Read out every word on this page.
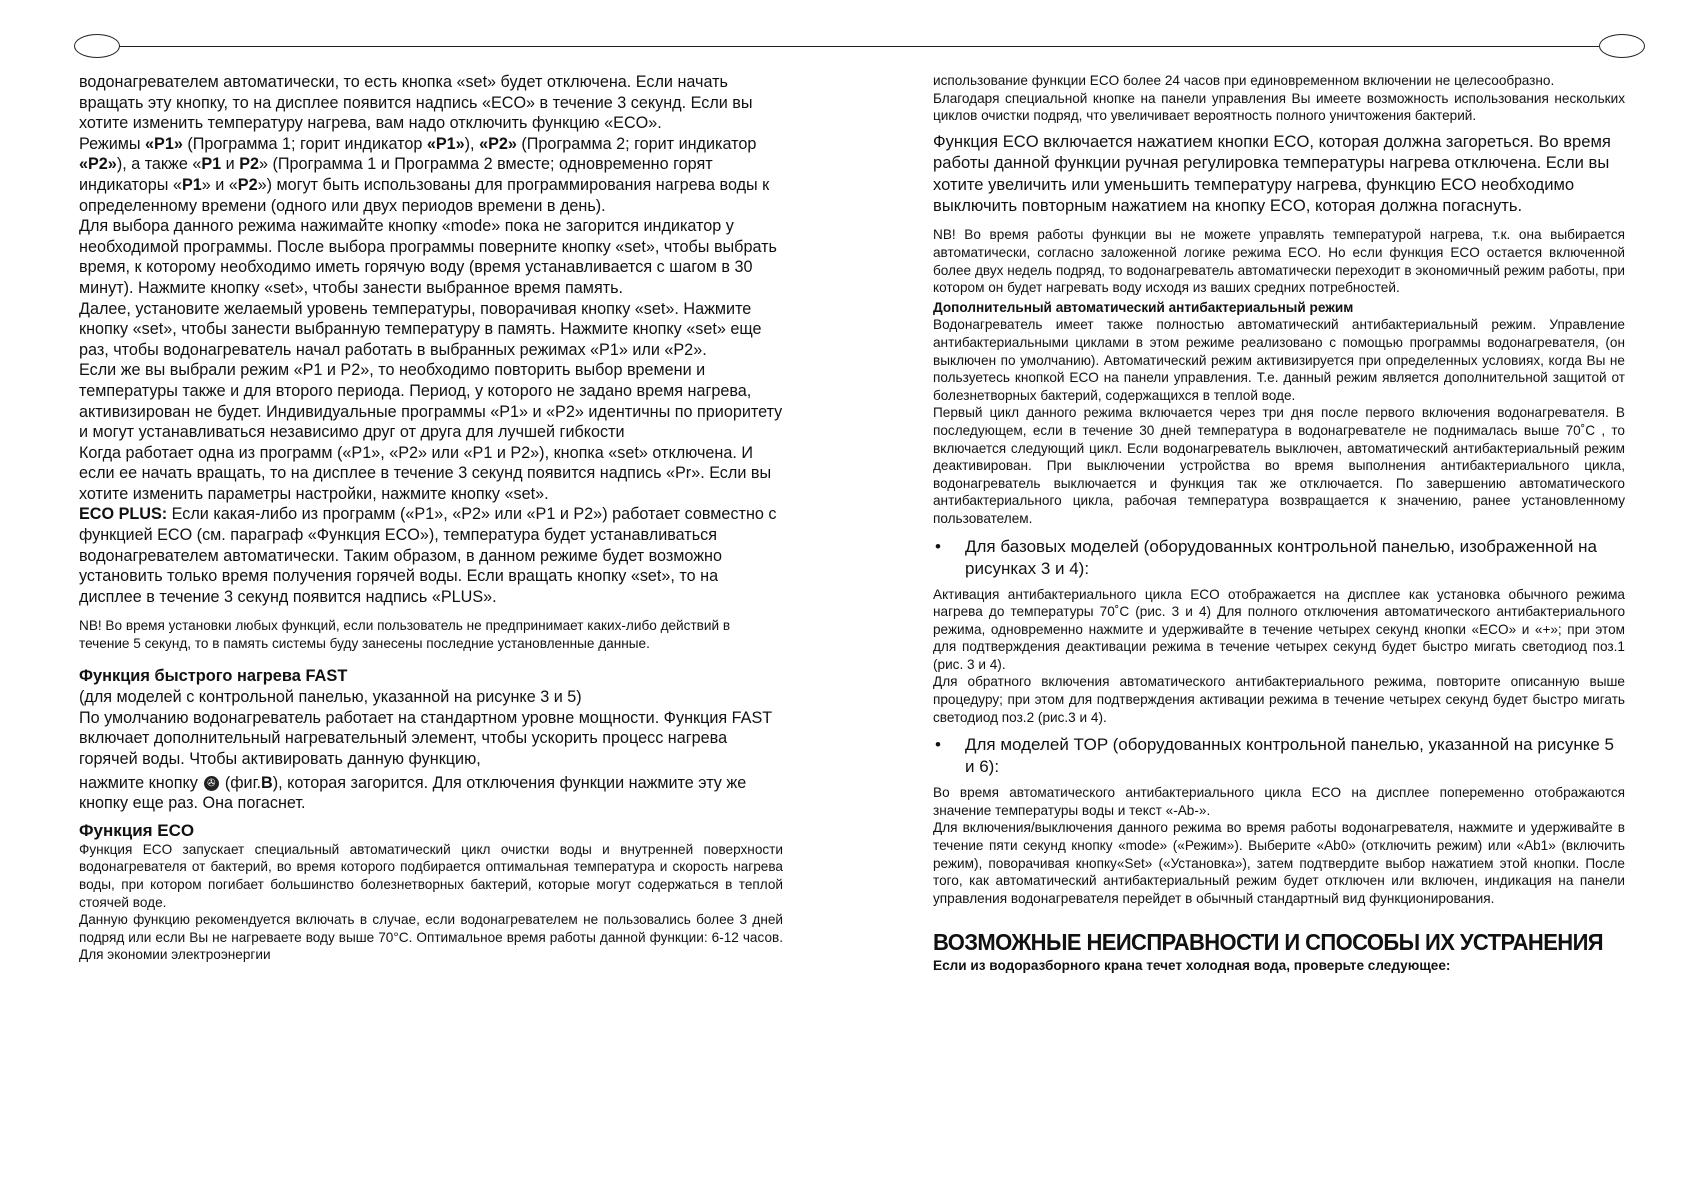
водонагревателем автоматически, то есть кнопка «set» будет отключена. Если начать вращать эту кнопку, то на дисплее появится надпись «ECO» в течение 3 секунд. Если вы хотите изменить температуру нагрева, вам надо отключить функцию «ECO».

Режимы «P1» (Программа 1; горит индикатор «P1»), «P2» (Программа 2; горит индикатор «P2»), а также «P1 и P2» (Программа 1 и Программа 2 вместе; одновременно горят индикаторы «P1» и «P2») могут быть использованы для программирования нагрева воды к определенному времени (одного или двух периодов времени в день).

Для выбора данного режима нажимайте кнопку «mode» пока не загорится индикатор у необходимой программы. После выбора программы поверните кнопку «set», чтобы выбрать время, к которому необходимо иметь горячую воду (время устанавливается с шагом в 30 минут). Нажмите кнопку «set», чтобы занести выбранное время память.

Далее, установите желаемый уровень температуры, поворачивая кнопку «set». Нажмите кнопку «set», чтобы занести выбранную температуру в память. Нажмите кнопку «set» еще раз, чтобы водонагреватель начал работать в выбранных режимах «P1» или «P2».

Если же вы выбрали режим «P1 и P2», то необходимо повторить выбор времени и температуры также и для второго периода. Период, у которого не задано время нагрева, активизирован не будет. Индивидуальные программы «P1» и «P2» идентичны по приоритету и могут устанавливаться независимо друг от друга для лучшей гибкости

Когда работает одна из программ («P1», «P2» или «P1 и P2»), кнопка «set» отключена. И если ее начать вращать, то на дисплее в течение 3 секунд появится надпись «Pr». Если вы хотите изменить параметры настройки, нажмите кнопку «set».

ECO PLUS: Если какая-либо из программ («P1», «P2» или «P1 и P2») работает совместно с функцией ECO (см. параграф «Функция ECO»), температура будет устанавливаться водонагревателем автоматически. Таким образом, в данном режиме будет возможно установить только время получения горячей воды. Если вращать кнопку «set», то на дисплее в течение 3 секунд появится надпись «PLUS».

NB! Во время установки любых функций, если пользователь не предпринимает каких-либо действий в течение 5 секунд, то в память системы буду занесены последние установленные данные.

Функция быстрого нагрева FAST

(для моделей с контрольной панелью, указанной на рисунке 3 и 5)

По умолчанию водонагреватель работает на стандартном уровне мощности. Функция FAST включает дополнительный нагревательный элемент, чтобы ускорить процесс нагрева горячей воды. Чтобы активировать данную функцию,

нажмите кнопку ✇ (фиг.B), которая загорится. Для отключения функции нажмите эту же кнопку еще раз. Она погаснет.

Функция ECO

Функция ECO запускает специальный автоматический цикл очистки воды и внутренней поверхности водонагревателя от бактерий, во время которого подбирается оптимальная температура и скорость нагрева воды, при котором погибает большинство болезнетворных бактерий, которые могут содержаться в теплой стоячей воде.

Данную функцию рекомендуется включать в случае, если водонагревателем не пользовались более 3 дней подряд или если Вы не нагреваете воду выше 70°С. Оптимальное время работы данной функции: 6-12 часов. Для экономии электроэнергии

использование функции ECO более 24 часов при единовременном включении не целесообразно.

Благодаря специальной кнопке на панели управления Вы имеете возможность использования нескольких циклов очистки подряд, что увеличивает вероятность полного уничтожения бактерий.

Функция ECO включается нажатием кнопки ECO, которая должна загореться. Во время работы данной функции ручная регулировка температуры нагрева отключена. Если вы хотите увеличить или уменьшить температуру нагрева, функцию ECO необходимо выключить повторным нажатием на кнопку ECO, которая должна погаснуть.

NB! Во время работы функции вы не можете управлять температурой нагрева, т.к. она выбирается автоматически, согласно заложенной логике режима ECO. Но если функция ECO остается включенной более двух недель подряд, то водонагреватель автоматически переходит в экономичный режим работы, при котором он будет нагревать воду исходя из ваших средних потребностей.

Дополнительный автоматический антибактериальный режим

Водонагреватель имеет также полностью автоматический антибактериальный режим. Управление антибактериальными циклами в этом режиме реализовано с помощью программы водонагревателя, (он выключен по умолчанию). Автоматический режим активизируется при определенных условиях, когда Вы не пользуетесь кнопкой ECO на панели управления. Т.е. данный режим является дополнительной защитой от болезнетворных бактерий, содержащихся в теплой воде.

Первый цикл данного режима включается через три дня после первого включения водонагревателя. В последующем, если в течение 30 дней температура в водонагревателе не поднималась выше 70˚С , то включается следующий цикл. Если водонагреватель выключен, автоматический антибактериальный режим деактивирован. При выключении устройства во время выполнения антибактериального цикла, водонагреватель выключается и функция так же отключается. По завершению автоматического антибактериального цикла, рабочая температура возвращается к значению, ранее установленному пользователем.

• Для базовых моделей (оборудованных контрольной панелью, изображенной на рисунках 3 и 4):

Активация антибактериального цикла ECO отображается на дисплее как установка обычного режима нагрева до температуры 70˚С (рис. 3 и 4) Для полного отключения автоматического антибактериального режима, одновременно нажмите и удерживайте в течение четырех секунд кнопки «ECO» и «+»; при этом для подтверждения деактивации режима в течение четырех секунд будет быстро мигать светодиод поз.1 (рис. 3 и 4).

Для обратного включения автоматического антибактериального режима, повторите описанную выше процедуру; при этом для подтверждения активации режима в течение четырех секунд будет быстро мигать светодиод поз.2 (рис.3 и 4).

• Для моделей TOP (оборудованных контрольной панелью, указанной на рисунке 5 и 6):

Во время автоматического антибактериального цикла ECO на дисплее попеременно отображаются значение температуры воды и текст «-Ab-».

Для включения/выключения данного режима во время работы водонагревателя, нажмите и удерживайте в течение пяти секунд кнопку «mode» («Режим»). Выберите «Ab0» (отключить режим) или «Ab1» (включить режим), поворачивая кнопку«Set» («Установка»), затем подтвердите выбор нажатием этой кнопки. После того, как автоматический антибактериальный режим будет отключен или включен, индикация на панели управления водонагревателя перейдет в обычный стандартный вид функционирования.

ВОЗМОЖНЫЕ НЕИСПРАВНОСТИ И СПОСОБЫ ИХ УСТРАНЕНИЯ

Если из водоразборного крана течет холодная вода, проверьте следующее:
